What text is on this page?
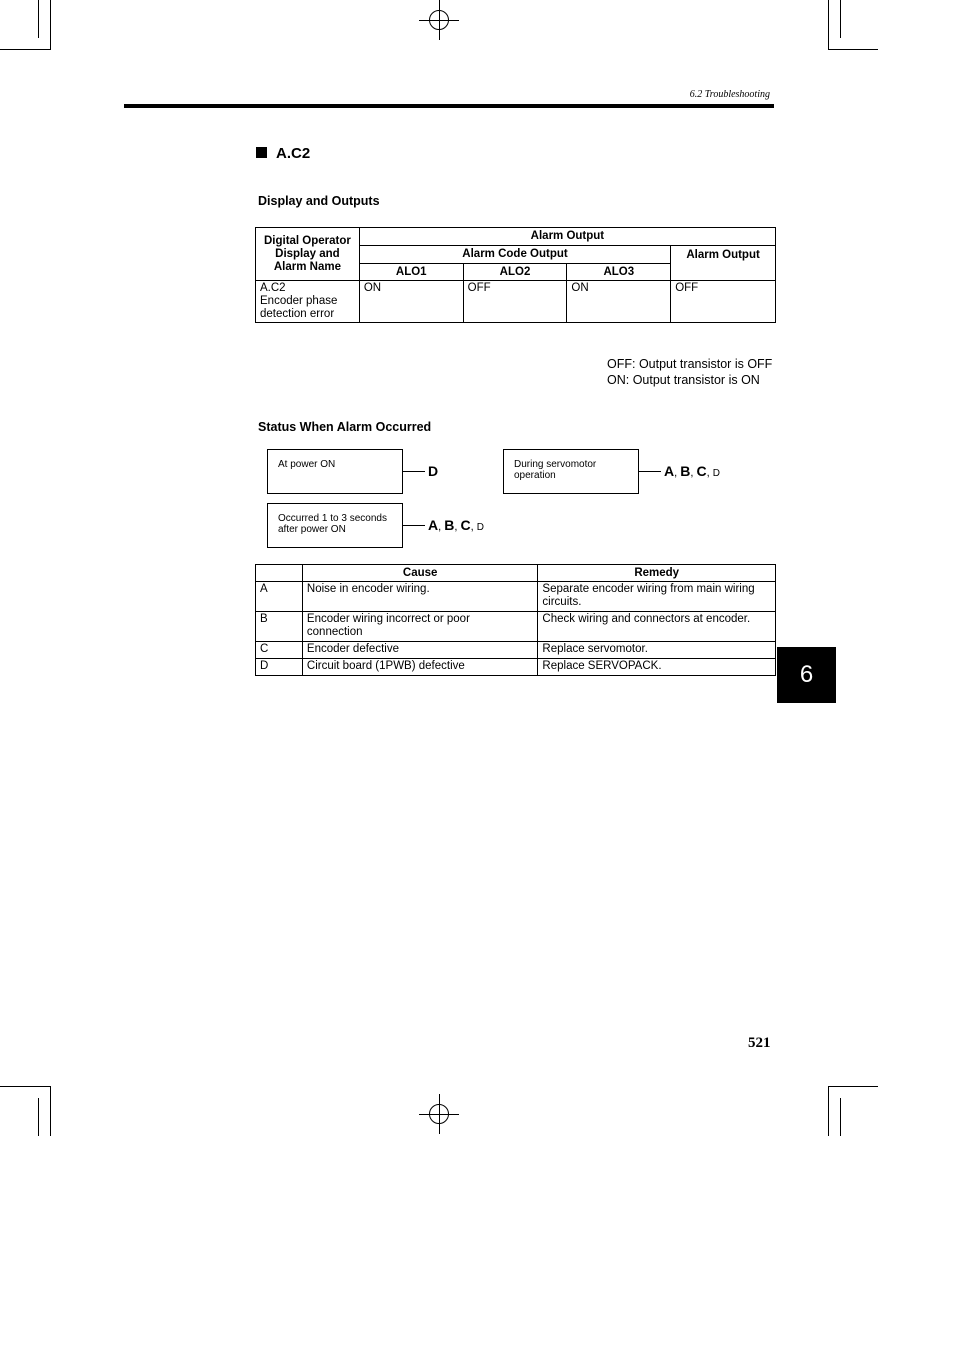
6.2 Troubleshooting
A.C2
Display and Outputs
Digital Operator
Display and
Alarm Name	Alarm Output			
	Alarm Code Output			Alarm Output
	ALO1	ALO2	ALO3	
A.C2
Encoder phase
detection error	ON	OFF	ON	OFF
OFF: Output transistor is OFF
ON: Output transistor is ON
Status When Alarm Occurred
At power ON	D	During servomotor
operation	A, B, C, D
Occurred 1 to 3 seconds
after power ON	A, B, C, D
	Cause	Remedy
A	Noise in encoder wiring.	Separate encoder wiring from main wiring
circuits.
B	Encoder wiring incorrect or poor
connection	Check wiring and connectors at encoder.
C	Encoder defective	Replace servomotor.
D	Circuit board (1PWB) defective	Replace SERVOPACK.	6
521
